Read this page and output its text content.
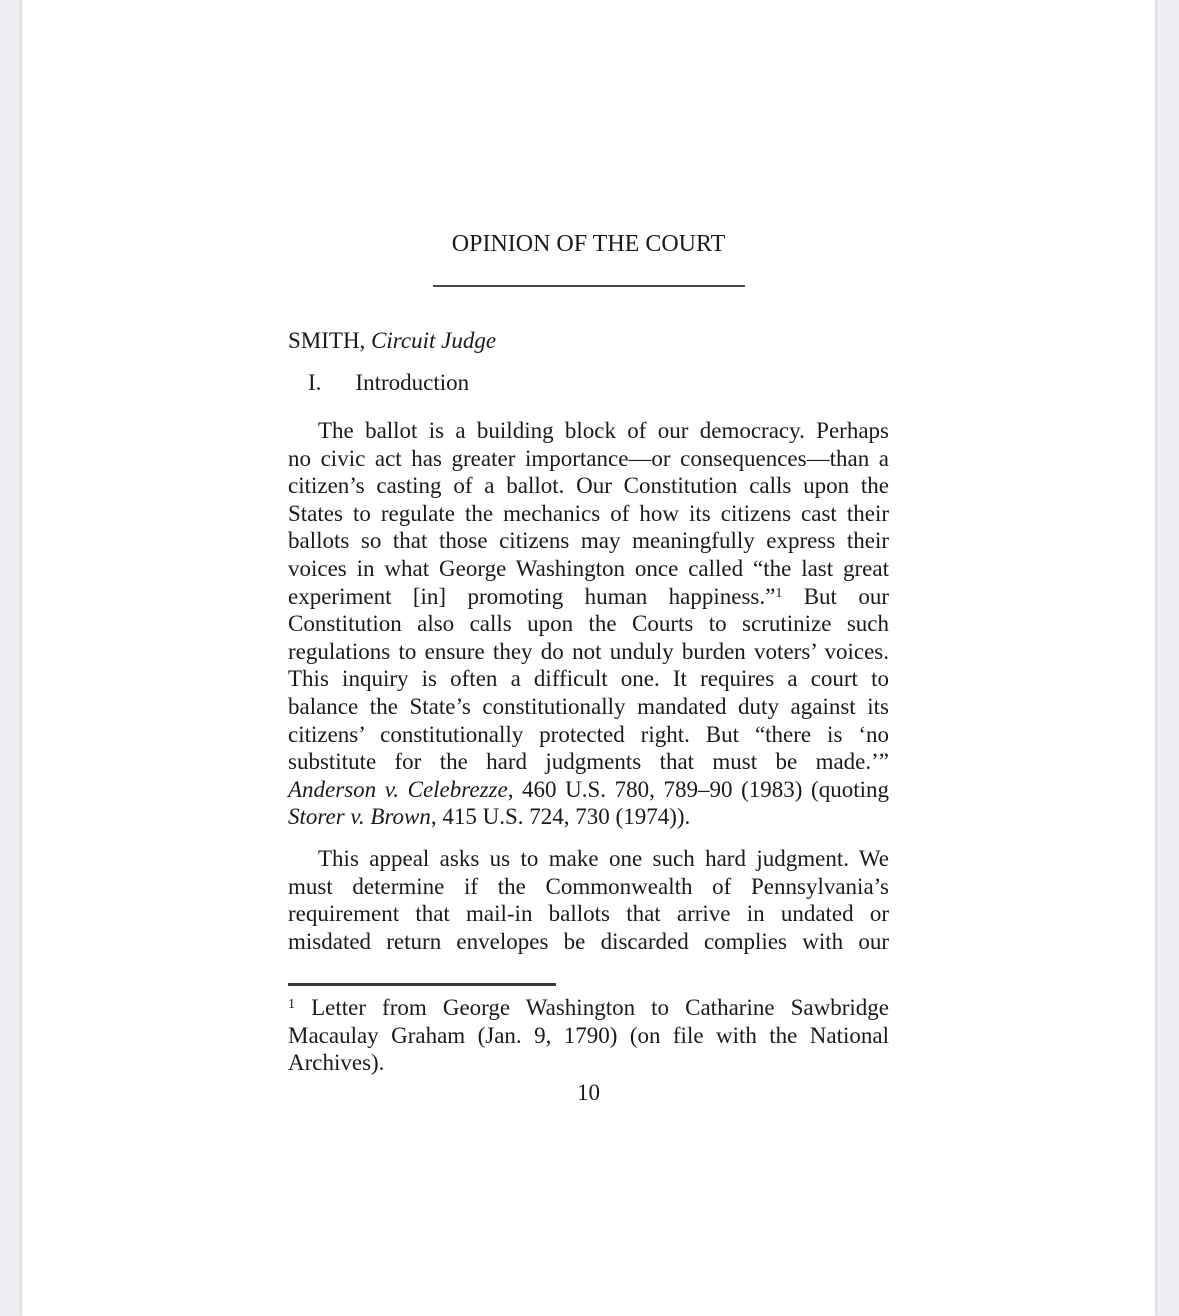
OPINION OF THE COURT
SMITH, Circuit Judge
I. Introduction
The ballot is a building block of our democracy. Perhaps
no civic act has greater importance—or consequences—than a
citizen’s casting of a ballot. Our Constitution calls upon the
States to regulate the mechanics of how its citizens cast their
ballots so that those citizens may meaningfully express their
voices in what George Washington once called “the last great
experiment [in] promoting human happiness.”$^1$ But our
Constitution also calls upon the Courts to scrutinize such
regulations to ensure they do not unduly burden voters’ voices.
This inquiry is often a difficult one. It requires a court to
balance the State’s constitutionally mandated duty against its
citizens’ constitutionally protected right. But “there is ‘no
substitute for the hard judgments that must be made.’”
Anderson v. Celebrezze, 460 U.S. 780, 789–90 (1983) (quoting
Storer v. Brown, 415 U.S. 724, 730 (1974)).
This appeal asks us to make one such hard judgment. We
must determine if the Commonwealth of Pennsylvania’s
requirement that mail-in ballots that arrive in undated or
misdated return envelopes be discarded complies with our
$^1$ Letter from George Washington to Catharine Sawbridge
Macaulay Graham (Jan. 9, 1790) (on file with the National
Archives).
10
